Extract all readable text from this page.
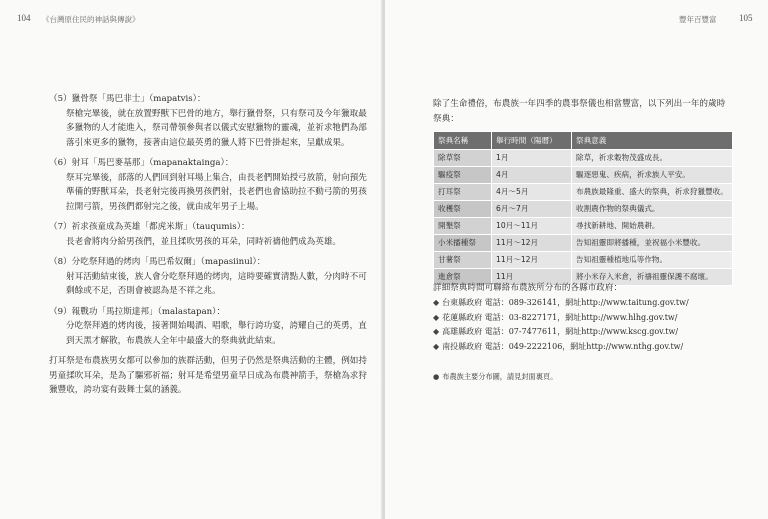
104 《台灣原住民的神話與傳說》

（5）獵骨祭「馬巴非士」（mapatvis）：

祭槍完畢後，就在放置野獸下巴骨的地方，舉行獵骨祭，只有祭司及今年獵取最多獵物的人才能進入，祭司帶領參與者以儀式安慰獵物的靈魂，並祈求牠們為部落引來更多的獵物，接著由這位最英勇的獵人將下巴骨掛起來，呈獻成果。

（6）射耳「馬巴麥基那」（mapanaktainga）：

祭耳完畢後，部落的人們回到射耳場上集合，由長老們開始授弓放箭，射向預先準備的野獸耳朵，長老射完後再換男孩們射，長老們也會協助拉不動弓箭的男孩拉開弓箭，男孩們都射完之後，就由成年男子上場。

（7）祈求孩童成為英雄「都虎米斯」（tauqumis）：

長老會將肉分給男孩們，並且揉吹男孩的耳朵，同時祈禱他們成為英雄。

（8）分吃祭拜過的烤肉「馬巴希奴爾」（mapasiinul）：

射耳活動結束後，族人會分吃祭拜過的烤肉，這時要確實清點人數，分肉時不可剩餘或不足，否則會被認為是不祥之兆。

（9）報戰功「馬拉斯達邦」（malastapan）：

分吃祭拜過的烤肉後，接著開始喝酒、唱歌，舉行誇功宴，誇耀自己的英勇，直到天黑才解散，布農族人全年中最盛大的祭典就此結束。

打耳祭是布農族男女都可以參加的族群活動，但男子仍然是祭典活動的主體，例如持男童揉吹耳朵，是為了驅邪祈福；射耳是希望男童早日成為布農神箭手，祭槍為求狩獵豐收，誇功宴有鼓舞士氣的涵義。

豐年百豐富	105

除了生命禮俗，布農族一年四季的農事祭儀也相當豐富，以下列出一年的歲時祭典：

祭典名稱	舉行時間（陽曆）	祭典意義
除草祭	1月	除草，祈求穀物茂盛成長。
驅疫祭	4月	驅逐惡鬼、疾病，祈求族人平安。
打耳祭	4月～5月	布農族最隆重、盛大的祭典，祈求狩獵豐收。
收穫祭	6月～7月	收割農作物的祭典儀式。
開墾祭	10月～11月	尋找新耕地、開始農耕。
小米播種祭	11月～12月	告知祖靈即將播種，並祝福小米豐收。
甘薯祭	11月～12月	告知祖靈種植地瓜等作物。
進倉祭	11月	將小米存入米倉，祈禱祖靈保護不腐壞。

詳細祭典時間可聯絡布農族所分布的各縣市政府：

◆ 台東縣政府 電話：089-326141，網址http://www.taitung.gov.tw/
◆ 花蓮縣政府 電話：03-8227171，網址http://www.hlhg.gov.tw/
◆ 高雄縣政府 電話：07-7477611，網址http://www.kscg.gov.tw/
◆ 南投縣政府 電話：049-2222106，網址http://www.nthg.gov.tw/
● 布農族主要分布圖，請見封面裏頁。
